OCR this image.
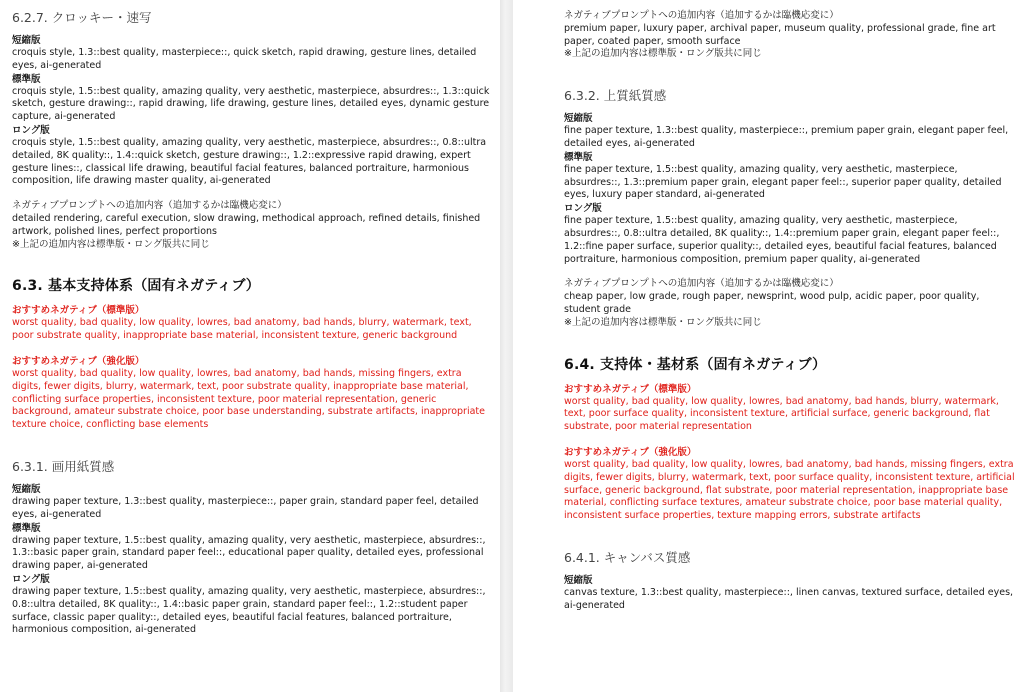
6.2.7. クロッキー・速写
短縮版
croquis style, 1.3::best quality, masterpiece::, quick sketch, rapid drawing, gesture lines, detailed eyes, ai-generated
標準版
croquis style, 1.5::best quality, amazing quality, very aesthetic, masterpiece, absurdres::, 1.3::quick sketch, gesture drawing::, rapid drawing, life drawing, gesture lines, detailed eyes, dynamic gesture capture, ai-generated
ロング版
croquis style, 1.5::best quality, amazing quality, very aesthetic, masterpiece, absurdres::, 0.8::ultra detailed, 8K quality::, 1.4::quick sketch, gesture drawing::, 1.2::expressive rapid drawing, expert gesture lines::, classical life drawing, beautiful facial features, balanced portraiture, harmonious composition, life drawing master quality, ai-generated
ネガティブプロンプトへの追加内容（追加するかは臨機応変に）
detailed rendering, careful execution, slow drawing, methodical approach, refined details, finished artwork, polished lines, perfect proportions
※上記の追加内容は標準版・ロング版共に同じ
6.3. 基本支持体系（固有ネガティブ）
おすすめネガティブ（標準版）
worst quality, bad quality, low quality, lowres, bad anatomy, bad hands, blurry, watermark, text, poor substrate quality, inappropriate base material, inconsistent texture, generic background
おすすめネガティブ（強化版）
worst quality, bad quality, low quality, lowres, bad anatomy, bad hands, missing fingers, extra digits, fewer digits, blurry, watermark, text, poor substrate quality, inappropriate base material, conflicting surface properties, inconsistent texture, poor material representation, generic background, amateur substrate choice, poor base understanding, substrate artifacts, inappropriate texture choice, conflicting base elements
6.3.1. 画用紙質感
短縮版
drawing paper texture, 1.3::best quality, masterpiece::, paper grain, standard paper feel, detailed eyes, ai-generated
標準版
drawing paper texture, 1.5::best quality, amazing quality, very aesthetic, masterpiece, absurdres::, 1.3::basic paper grain, standard paper feel::, educational paper quality, detailed eyes, professional drawing paper, ai-generated
ロング版
drawing paper texture, 1.5::best quality, amazing quality, very aesthetic, masterpiece, absurdres::, 0.8::ultra detailed, 8K quality::, 1.4::basic paper grain, standard paper feel::, 1.2::student paper surface, classic paper quality::, detailed eyes, beautiful facial features, balanced portraiture, harmonious composition, ai-generated
ネガティブプロンプトへの追加内容（追加するかは臨機応変に）
premium paper, luxury paper, archival paper, museum quality, professional grade, fine art paper, coated paper, smooth surface
※上記の追加内容は標準版・ロング版共に同じ
6.3.2. 上質紙質感
短縮版
fine paper texture, 1.3::best quality, masterpiece::, premium paper grain, elegant paper feel, detailed eyes, ai-generated
標準版
fine paper texture, 1.5::best quality, amazing quality, very aesthetic, masterpiece, absurdres::, 1.3::premium paper grain, elegant paper feel::, superior paper quality, detailed eyes, luxury paper standard, ai-generated
ロング版
fine paper texture, 1.5::best quality, amazing quality, very aesthetic, masterpiece, absurdres::, 0.8::ultra detailed, 8K quality::, 1.4::premium paper grain, elegant paper feel::, 1.2::fine paper surface, superior quality::, detailed eyes, beautiful facial features, balanced portraiture, harmonious composition, premium paper quality, ai-generated
ネガティブプロンプトへの追加内容（追加するかは臨機応変に）
cheap paper, low grade, rough paper, newsprint, wood pulp, acidic paper, poor quality, student grade
※上記の追加内容は標準版・ロング版共に同じ
6.4. 支持体・基材系（固有ネガティブ）
おすすめネガティブ（標準版）
worst quality, bad quality, low quality, lowres, bad anatomy, bad hands, blurry, watermark, text, poor surface quality, inconsistent texture, artificial surface, generic background, flat substrate, poor material representation
おすすめネガティブ（強化版）
worst quality, bad quality, low quality, lowres, bad anatomy, bad hands, missing fingers, extra digits, fewer digits, blurry, watermark, text, poor surface quality, inconsistent texture, artificial surface, generic background, flat substrate, poor material representation, inappropriate base material, conflicting surface textures, amateur substrate choice, poor base material quality, inconsistent surface properties, texture mapping errors, substrate artifacts
6.4.1. キャンバス質感
短縮版
canvas texture, 1.3::best quality, masterpiece::, linen canvas, textured surface, detailed eyes, ai-generated
